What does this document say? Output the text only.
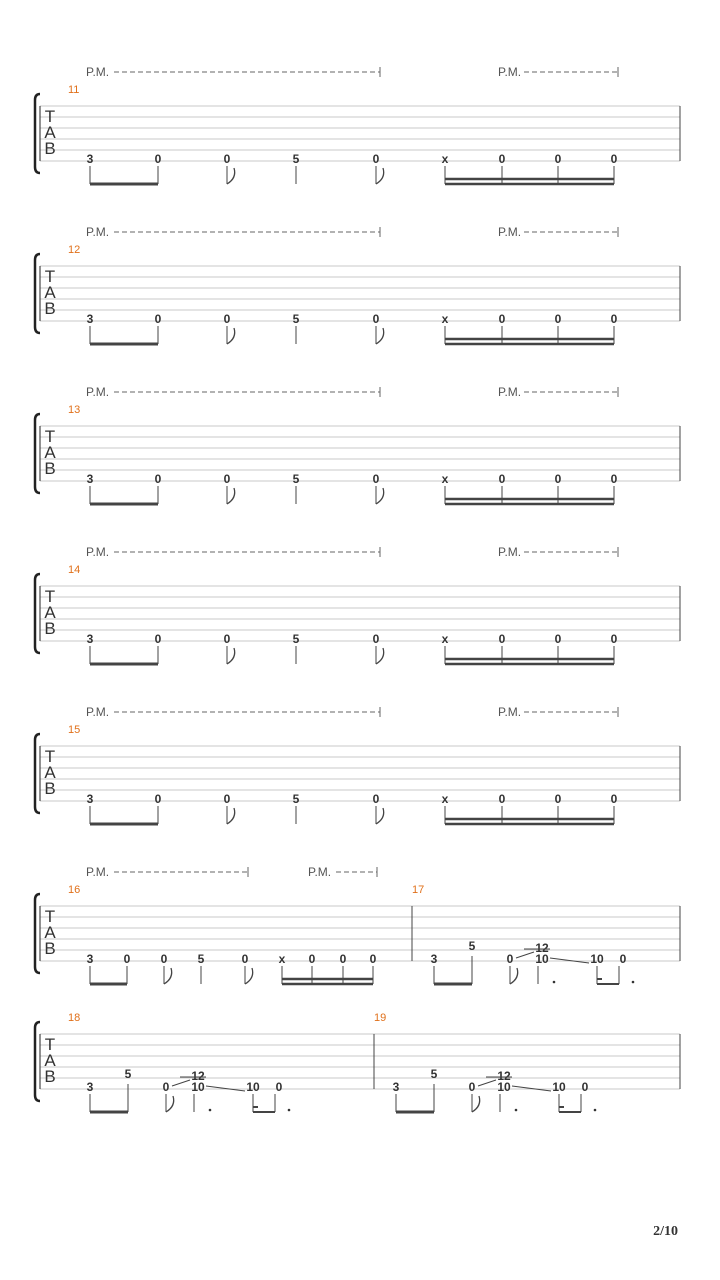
2/10
T
A
B
11
3	0	0	5	0	x	0	0	0
P.M.	P.M.
T
A
B
12
3	0	0	5	0	x	0	0	0
P.M.	P.M.
T
A
B
13
3	0	0	5	0	x	0	0	0
P.M.	P.M.
T
A
B
14
3	0	0	5	0	x	0	0	0
P.M.	P.M.
T
A
B
15
3	0	0	5	0	x	0	0	0
P.M.	P.M.
T
A
B
16
3	0	0	5	0	x 0 0 0
P.M.	P.M.
17
3
5
0
12
10	10 0
T
A
B
18
3
5
0
12
10	10 0
19
3
5
0
12
10	10 0
